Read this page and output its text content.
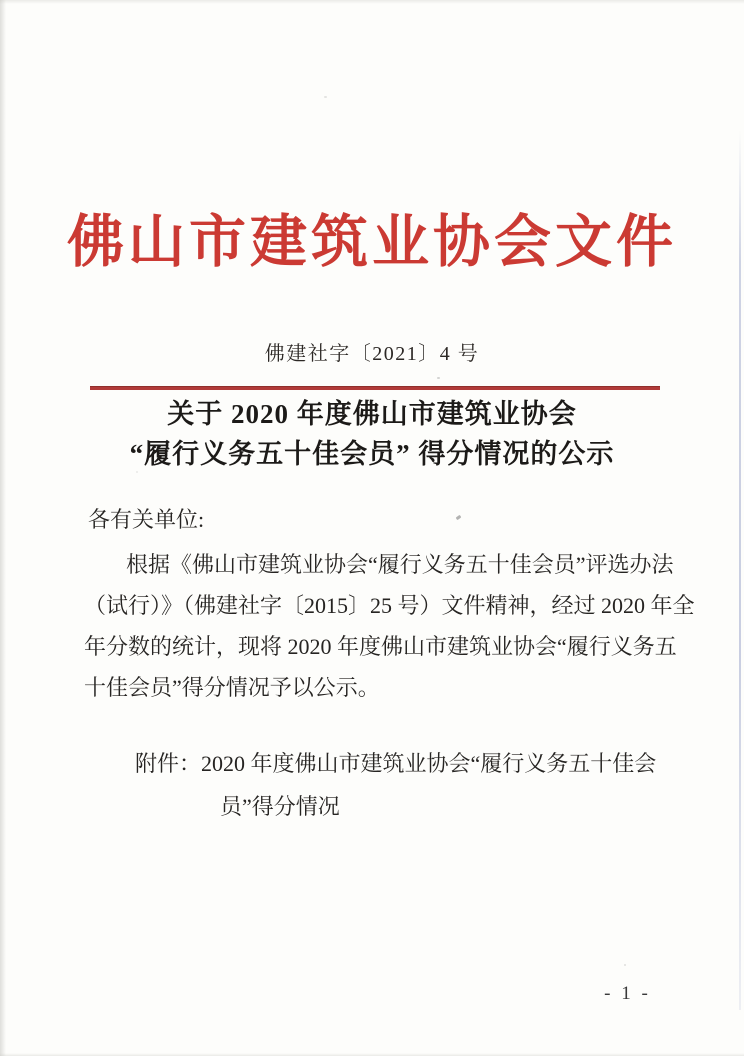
佛山市建筑业协会文件
佛建社字〔2021〕4 号
关于 2020 年度佛山市建筑业协会
“履行义务五十佳会员” 得分情况的公示
各有关单位:
根据《佛山市建筑业协会“履行义务五十佳会员”评选办法
（试行）》（佛建社字〔2015〕25 号）文件精神，经过 2020 年全
年分数的统计，现将 2020 年度佛山市建筑业协会“履行义务五
十佳会员”得分情况予以公示。
附件：2020 年度佛山市建筑业协会“履行义务五十佳会
员”得分情况
- 1 -
